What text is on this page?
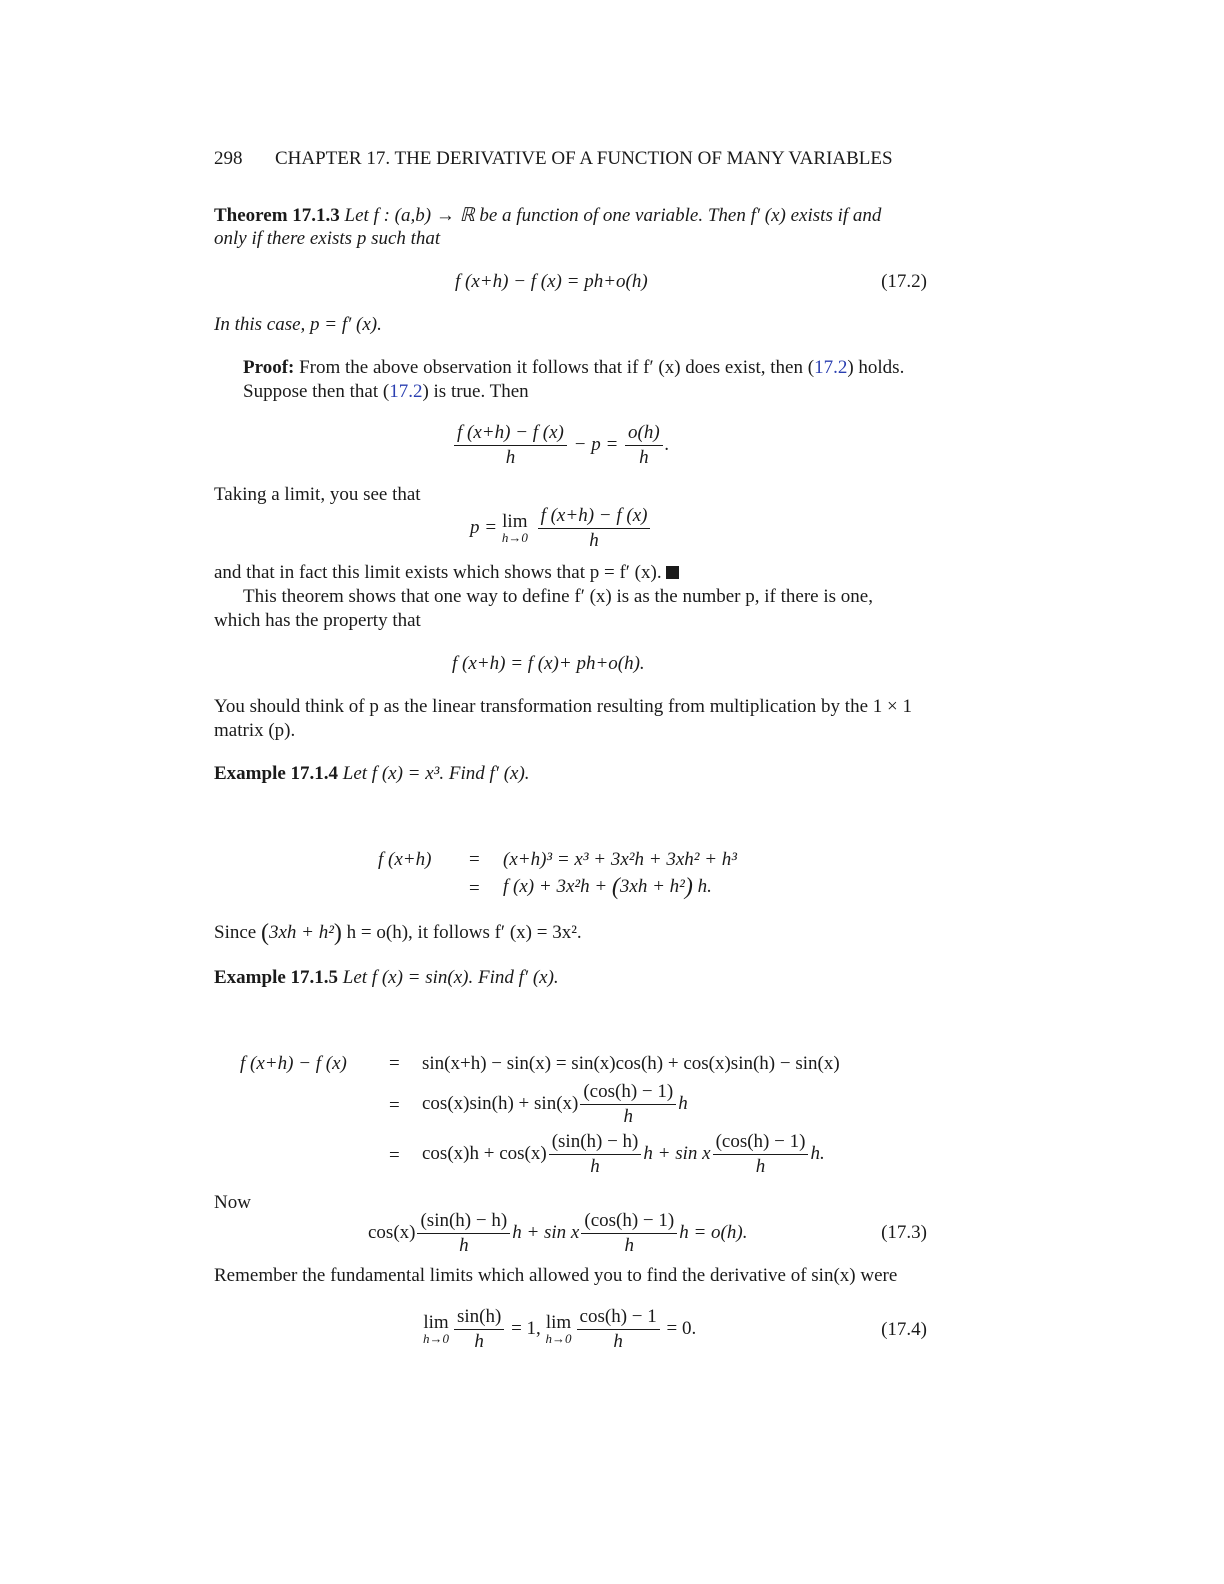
298 CHAPTER 17. THE DERIVATIVE OF A FUNCTION OF MANY VARIABLES
Theorem 17.1.3 Let f : (a,b) → ℝ be a function of one variable. Then f′ (x) exists if and
only if there exists p such that
f (x+h) − f (x) = ph+o(h)	(17.2)
In this case, p = f′ (x).
Proof: From the above observation it follows that if f′ (x) does exist, then (17.2) holds.
Suppose then that (17.2) is true. Then
$\frac{f (x+h) - f (x)}{h} - p = \frac{o(h)}{h}$ .
Taking a limit, you see that
p = lim
h→0
$\frac{f (x+h) - f (x)}{h}$
and that in fact this limit exists which shows that p = f′ (x).
This theorem shows that one way to define f′ (x) is as the number p, if there is one,
which has the property that
f (x+h) = f (x)+ ph+o(h).
You should think of p as the linear transformation resulting from multiplication by the 1 × 1
matrix (p).
Example 17.1.4 Let f (x) = x³. Find f′ (x).
f (x+h) = (x+h)³ = x³ + 3x²h + 3xh² + h³
= f (x) + 3x²h + (3xh + h²) h.
Since (3xh + h²) h = o(h), it follows f′ (x) = 3x².
Example 17.1.5 Let f (x) = sin(x). Find f′ (x).
f (x+h) − f (x) = sin(x+h) − sin(x) = sin(x)cos(h) + cos(x)sin(h) − sin(x)
= $\cos(x)\sin(h) + \sin(x) \frac{(\cos(h) - 1)}{h}$ h
= $\cos(x)h + \cos(x) \frac{(\sin(h) - h)}{h}$ h + sin x $\frac{(\cos(h) - 1)}{h} h$.
Now
$\cos(x) \frac{(\sin(h) - h)}{h}$ h + sin x $\frac{(\cos(h) - 1)}{h}$ h = o(h).	(17.3)
Remember the fundamental limits which allowed you to find the derivative of sin(x) were
lim
$h\to 0 \frac{\sin(h)}{h} = 1$, lim
$h\to 0 \frac{\cos(h) - 1}{h} = 0$.	(17.4)
